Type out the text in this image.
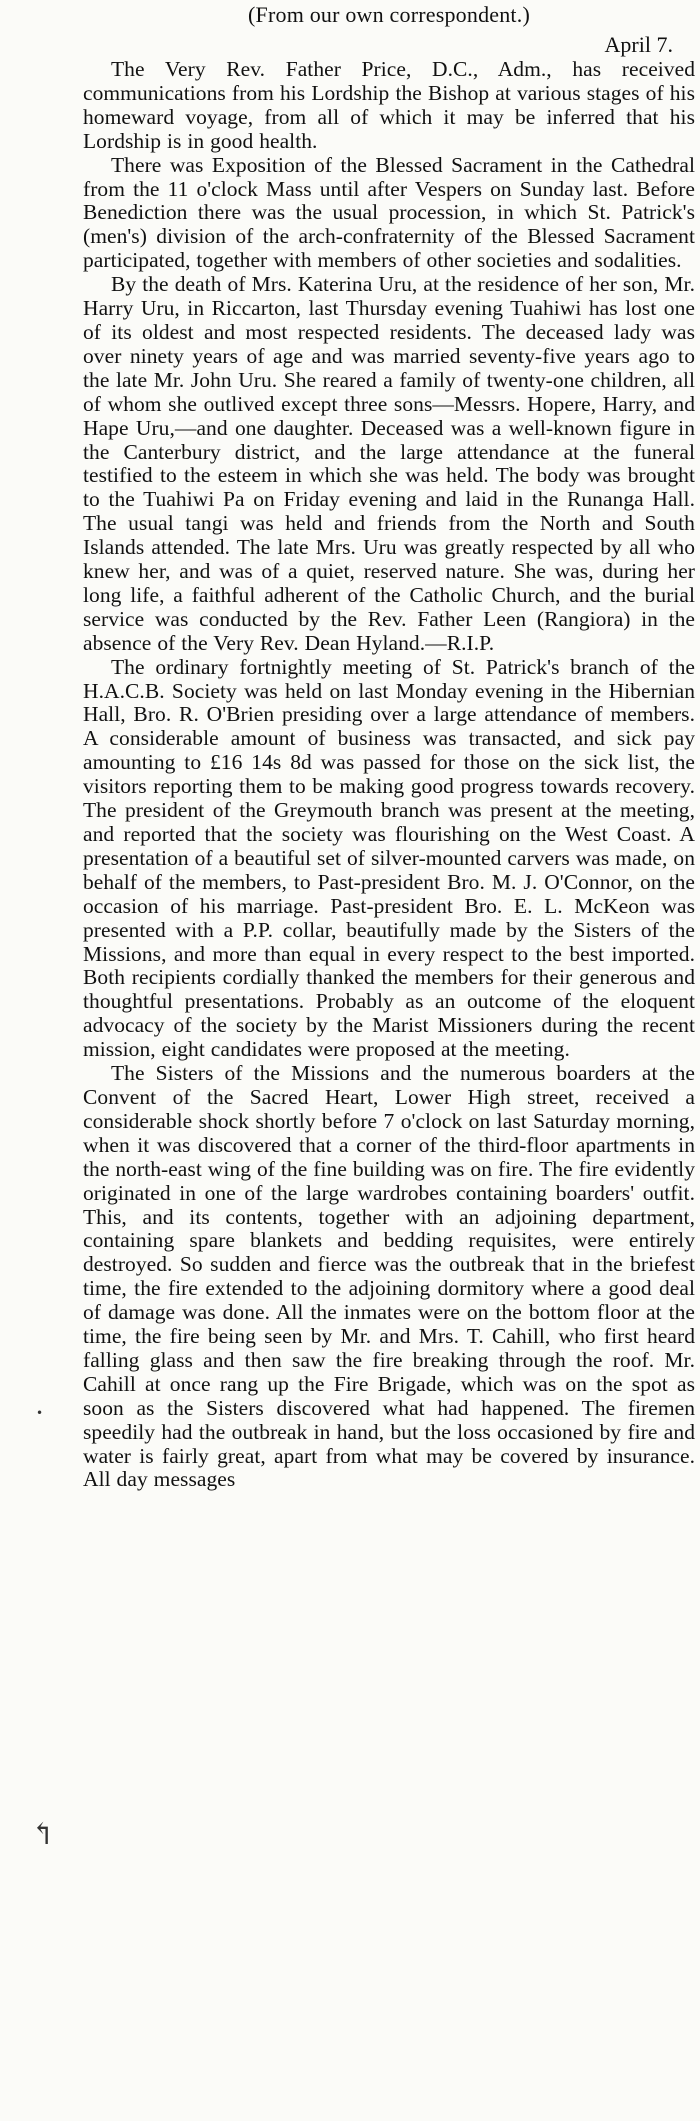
•
↰

(From our own correspondent.)

April 7.

The Very Rev. Father Price, D.C., Adm., has received communications from his Lordship the Bishop at various stages of his homeward voyage, from all of which it may be inferred that his Lordship is in good health.

There was Exposition of the Blessed Sacrament in the Cathedral from the 11 o'clock Mass until after Vespers on Sunday last. Before Benediction there was the usual procession, in which St. Patrick's (men's) division of the arch-confraternity of the Blessed Sacrament participated, together with members of other societies and sodalities.

By the death of Mrs. Katerina Uru, at the residence of her son, Mr. Harry Uru, in Riccarton, last Thursday evening Tuahiwi has lost one of its oldest and most respected residents. The deceased lady was over ninety years of age and was married seventy-five years ago to the late Mr. John Uru. She reared a family of twenty-one children, all of whom she outlived except three sons—Messrs. Hopere, Harry, and Hape Uru,—and one daughter. Deceased was a well-known figure in the Canterbury district, and the large attendance at the funeral testified to the esteem in which she was held. The body was brought to the Tuahiwi Pa on Friday evening and laid in the Runanga Hall. The usual tangi was held and friends from the North and South Islands attended. The late Mrs. Uru was greatly respected by all who knew her, and was of a quiet, reserved nature. She was, during her long life, a faithful adherent of the Catholic Church, and the burial service was conducted by the Rev. Father Leen (Rangiora) in the absence of the Very Rev. Dean Hyland.—R.I.P.

The ordinary fortnightly meeting of St. Patrick's branch of the H.A.C.B. Society was held on last Monday evening in the Hibernian Hall, Bro. R. O'Brien presiding over a large attendance of members. A considerable amount of business was transacted, and sick pay amounting to £16 14s 8d was passed for those on the sick list, the visitors reporting them to be making good progress towards recovery. The president of the Greymouth branch was present at the meeting, and reported that the society was flourishing on the West Coast. A presentation of a beautiful set of silver-mounted carvers was made, on behalf of the members, to Past-president Bro. M. J. O'Connor, on the occasion of his marriage. Past-president Bro. E. L. McKeon was presented with a P.P. collar, beautifully made by the Sisters of the Missions, and more than equal in every respect to the best imported. Both recipients cordially thanked the members for their generous and thoughtful presentations. Probably as an outcome of the eloquent advocacy of the society by the Marist Missioners during the recent mission, eight candidates were proposed at the meeting.

The Sisters of the Missions and the numerous boarders at the Convent of the Sacred Heart, Lower High street, received a considerable shock shortly before 7 o'clock on last Saturday morning, when it was discovered that a corner of the third-floor apartments in the north-east wing of the fine building was on fire. The fire evidently originated in one of the large wardrobes containing boarders' outfit. This, and its contents, together with an adjoining department, containing spare blankets and bedding requisites, were entirely destroyed. So sudden and fierce was the outbreak that in the briefest time, the fire extended to the adjoining dormitory where a good deal of damage was done. All the inmates were on the bottom floor at the time, the fire being seen by Mr. and Mrs. T. Cahill, who first heard falling glass and then saw the fire breaking through the roof. Mr. Cahill at once rang up the Fire Brigade, which was on the spot as soon as the Sisters discovered what had happened. The firemen speedily had the outbreak in hand, but the loss occasioned by fire and water is fairly great, apart from what may be covered by insurance. All day messages
